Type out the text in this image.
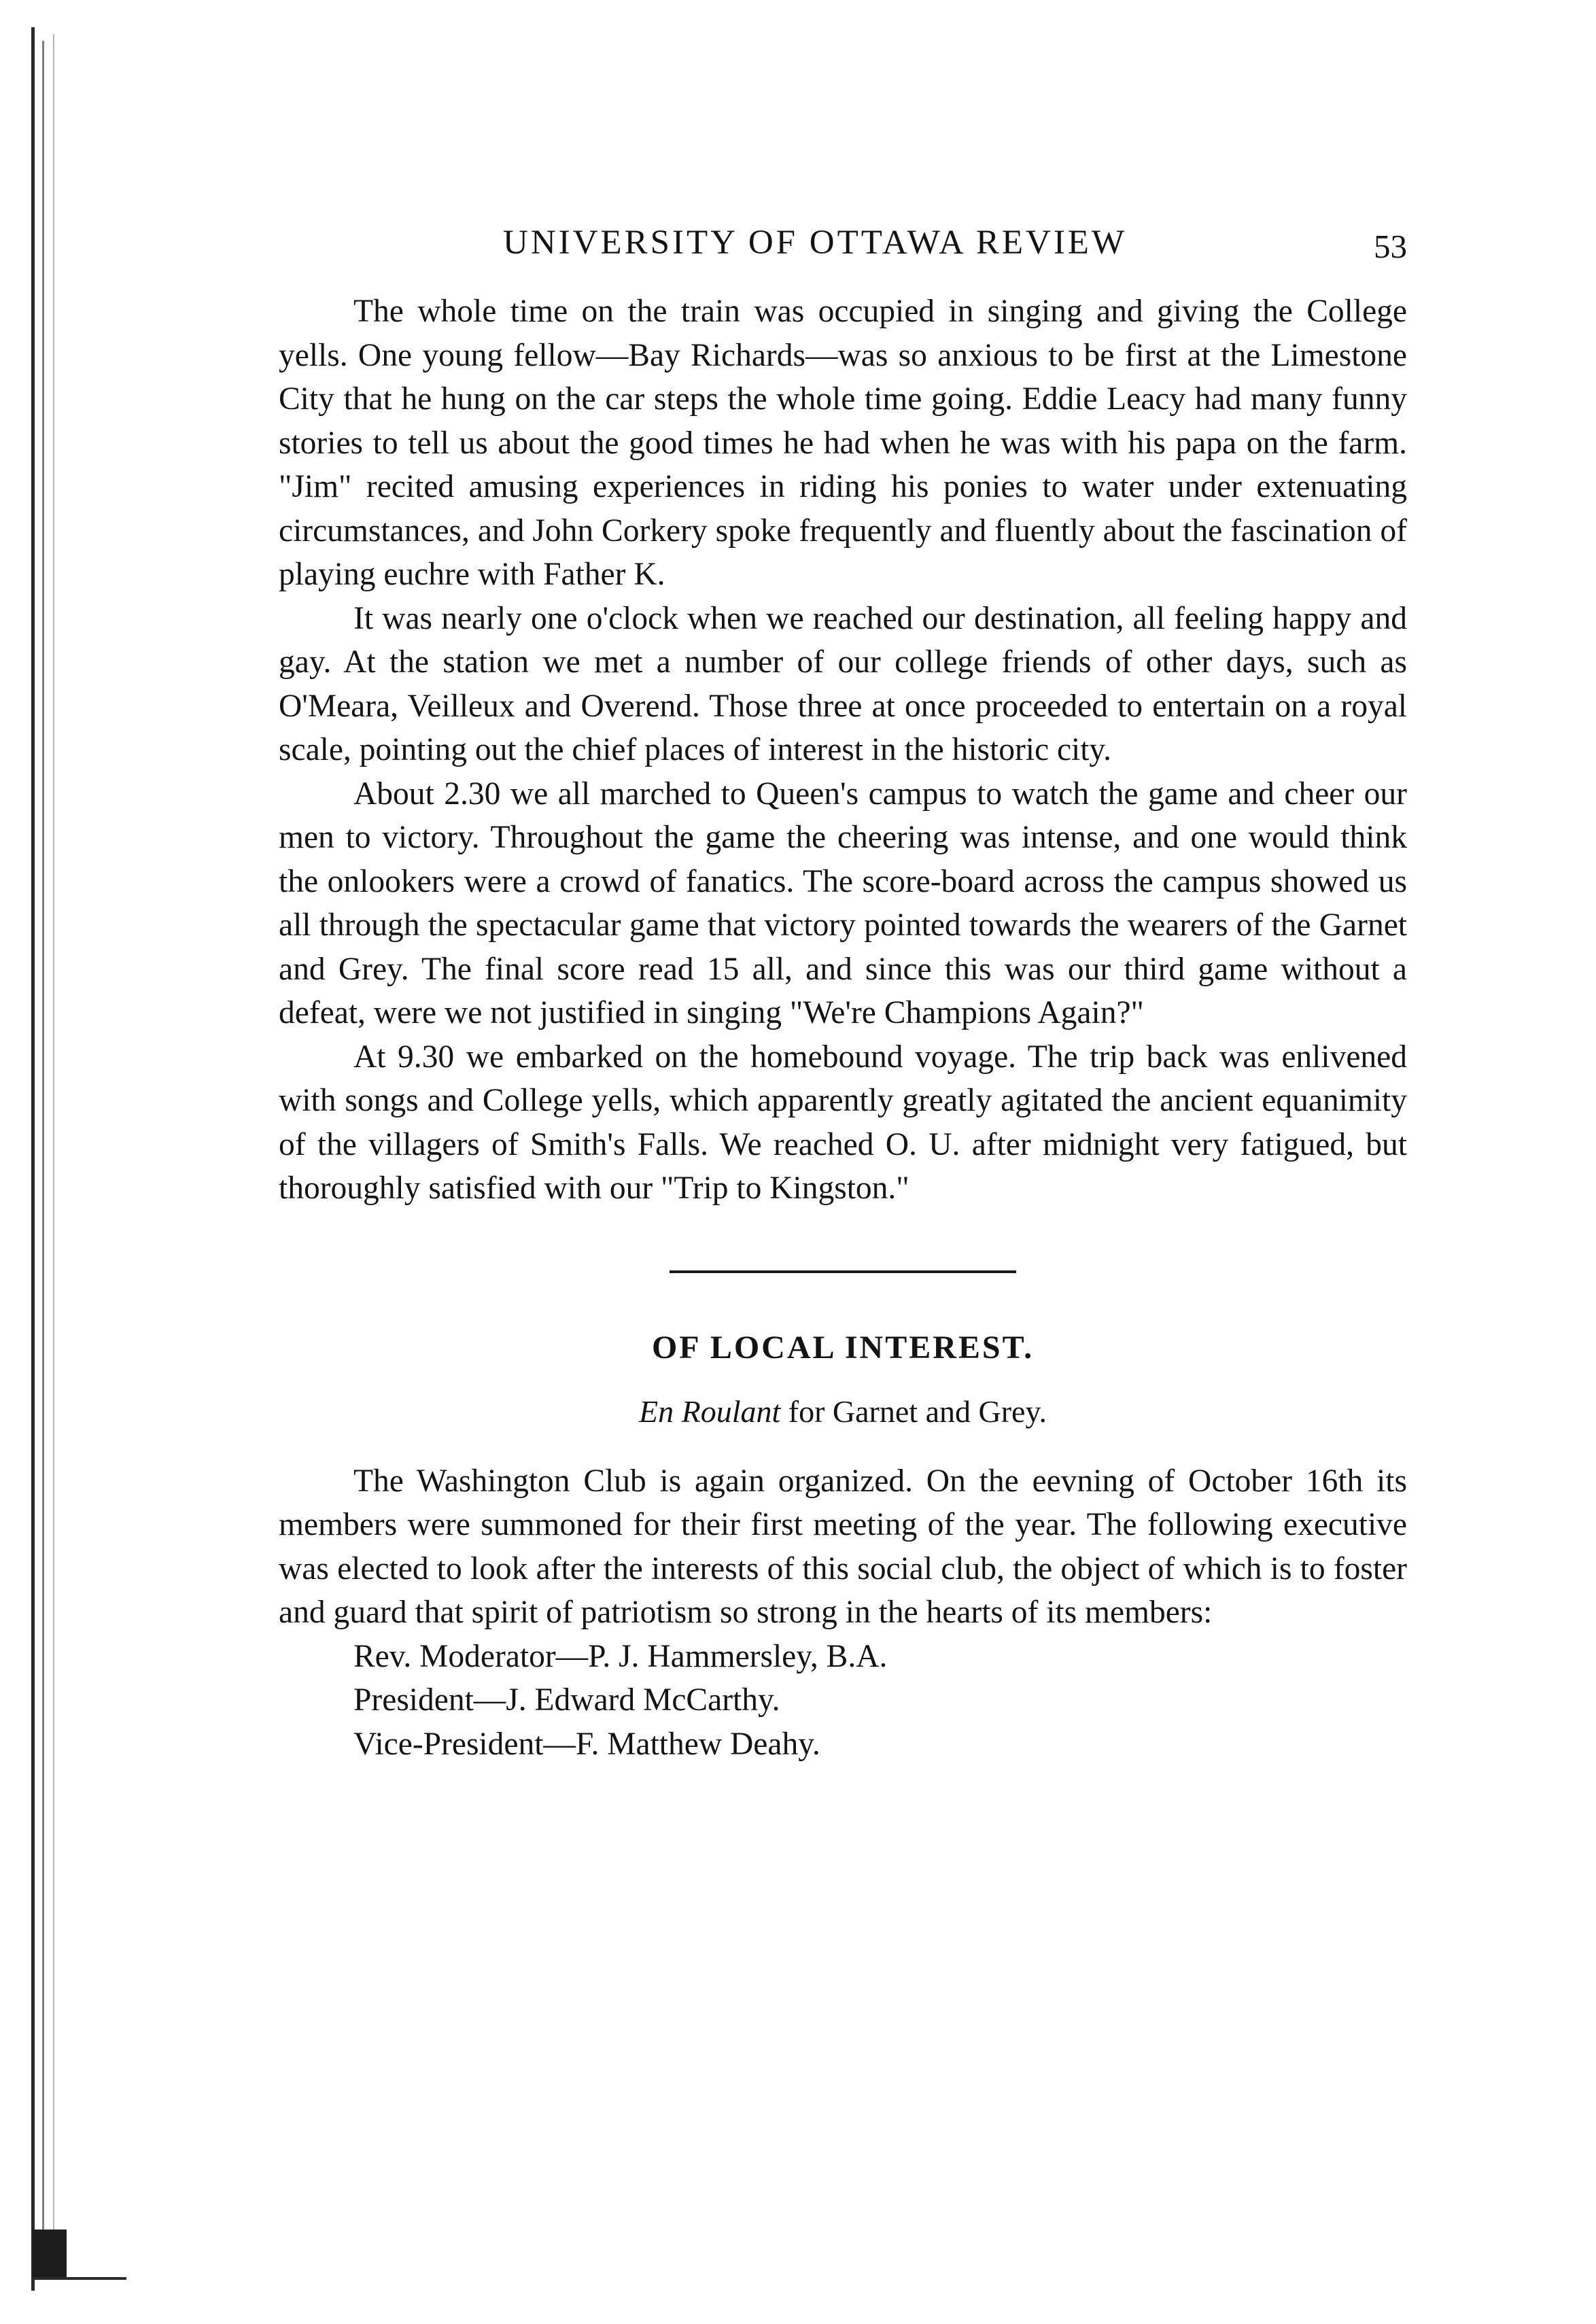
UNIVERSITY OF OTTAWA REVIEW	53

The whole time on the train was occupied in singing and giving the College yells. One young fellow—Bay Richards—was so anxious to be first at the Limestone City that he hung on the car steps the whole time going. Eddie Leacy had many funny stories to tell us about the good times he had when he was with his papa on the farm. "Jim" recited amusing experiences in riding his ponies to water under extenuating circumstances, and John Corkery spoke frequently and fluently about the fascination of playing euchre with Father K.

It was nearly one o'clock when we reached our destination, all feeling happy and gay. At the station we met a number of our college friends of other days, such as O'Meara, Veilleux and Overend. Those three at once proceeded to entertain on a royal scale, pointing out the chief places of interest in the historic city.

About 2.30 we all marched to Queen's campus to watch the game and cheer our men to victory. Throughout the game the cheering was intense, and one would think the onlookers were a crowd of fanatics. The score-board across the campus showed us all through the spectacular game that victory pointed towards the wearers of the Garnet and Grey. The final score read 15 all, and since this was our third game without a defeat, were we not justified in singing "We're Champions Again?"

At 9.30 we embarked on the homebound voyage. The trip back was enlivened with songs and College yells, which apparently greatly agitated the ancient equanimity of the villagers of Smith's Falls. We reached O. U. after midnight very fatigued, but thoroughly satisfied with our "Trip to Kingston."

OF LOCAL INTEREST.
En Roulant for Garnet and Grey.

The Washington Club is again organized. On the eevning of October 16th its members were summoned for their first meeting of the year. The following executive was elected to look after the interests of this social club, the object of which is to foster and guard that spirit of patriotism so strong in the hearts of its members:

Rev. Moderator—P. J. Hammersley, B.A.
President—J. Edward McCarthy.
Vice-President—F. Matthew Deahy.
